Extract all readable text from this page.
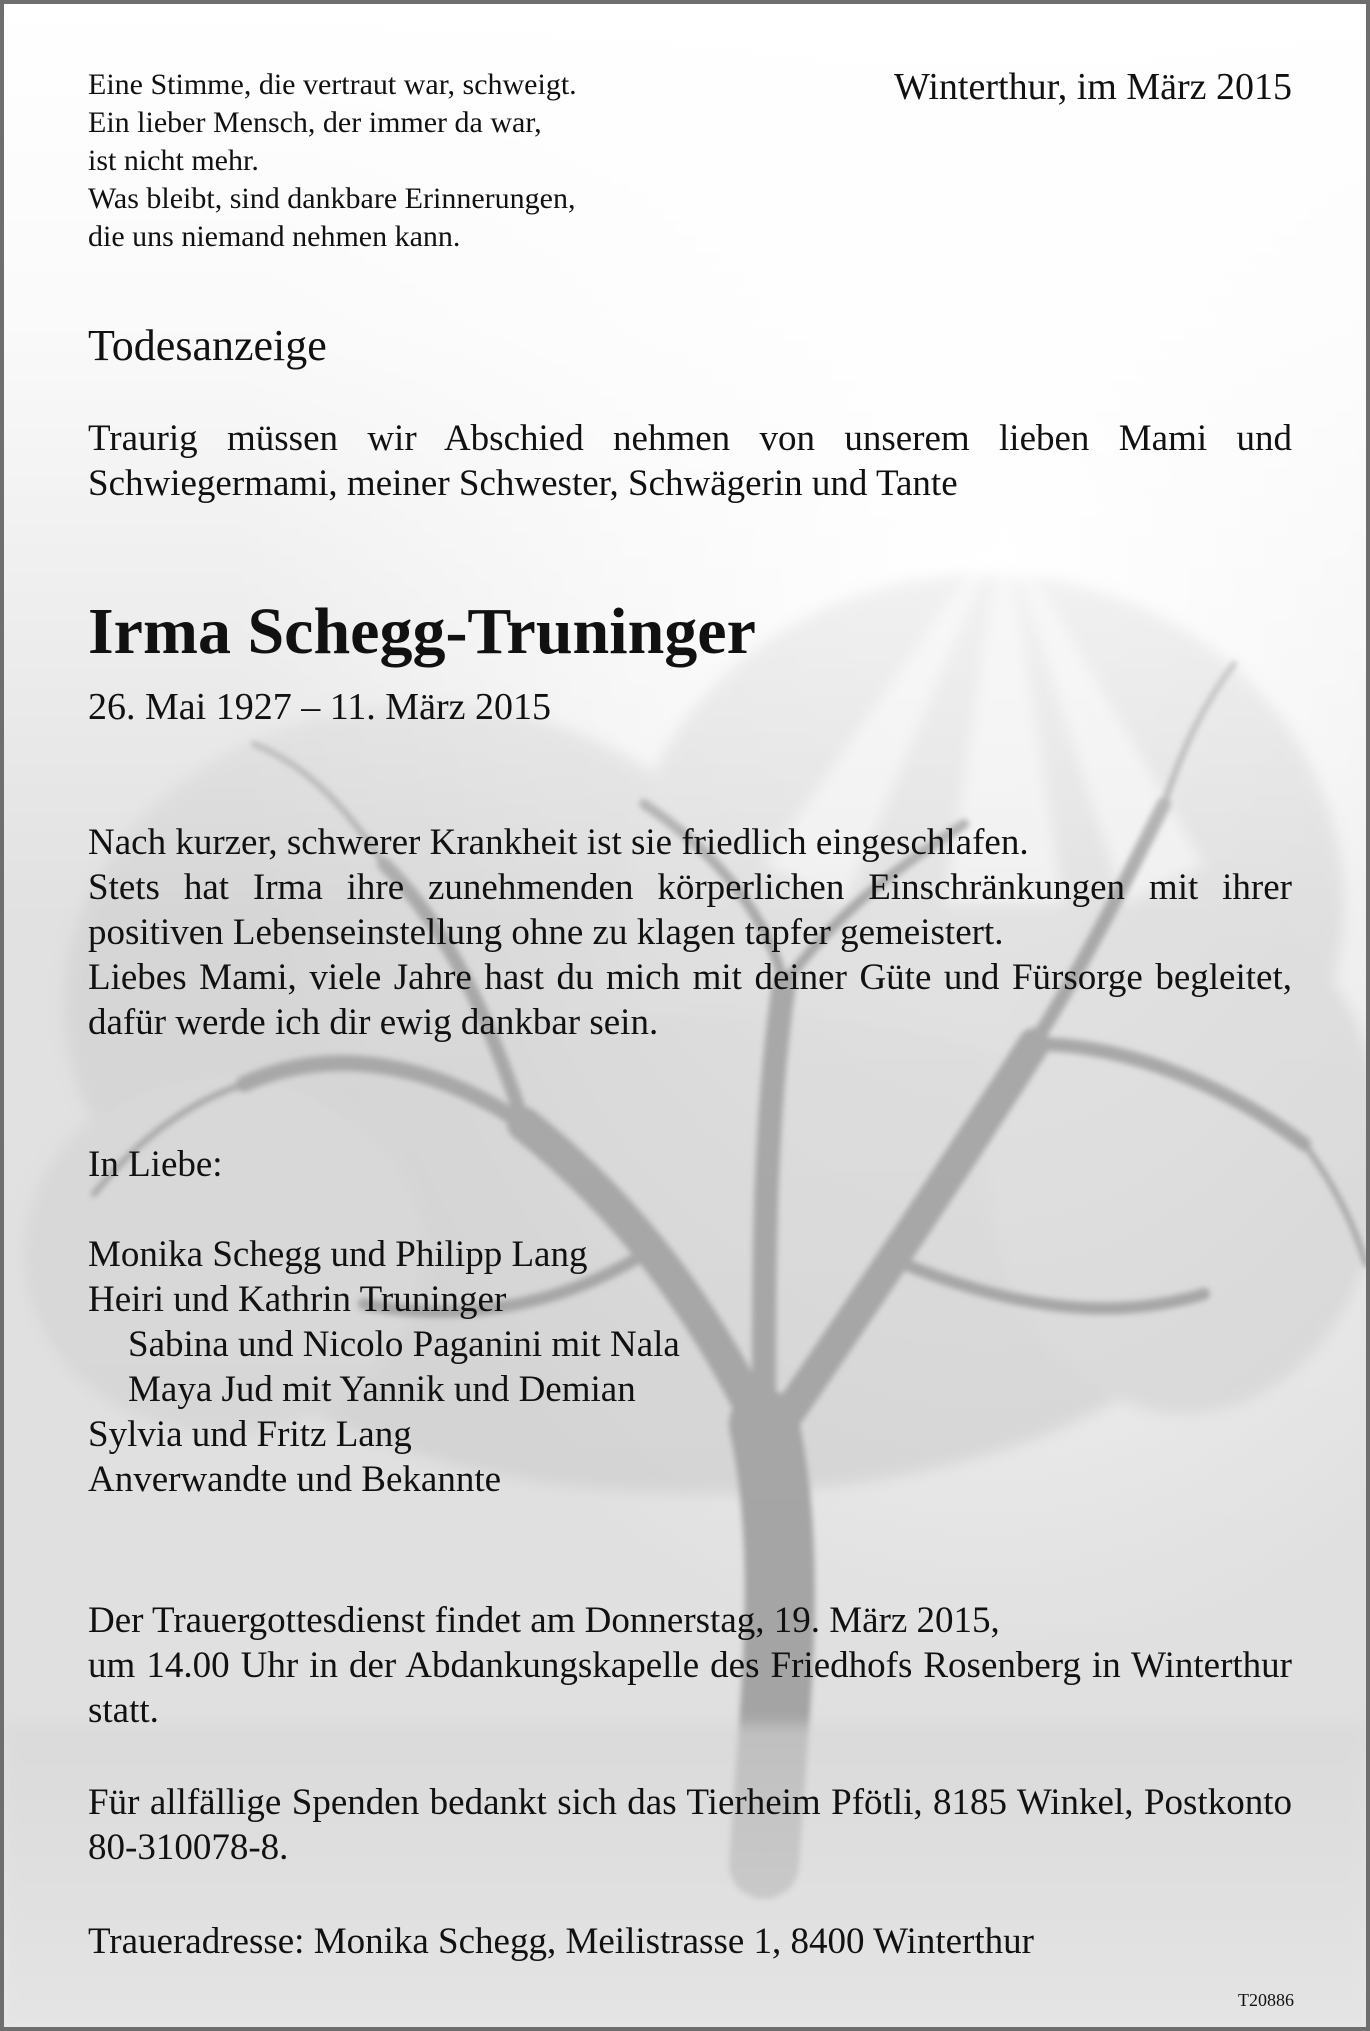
Eine Stimme, die vertraut war, schweigt.
Ein lieber Mensch, der immer da war,
ist nicht mehr.
Was bleibt, sind dankbare Erinnerungen,
die uns niemand nehmen kann.
Winterthur, im März 2015
Todesanzeige
Traurig müssen wir Abschied nehmen von unserem lieben Mami und Schwiegermami, meiner Schwester, Schwägerin und Tante
Irma Schegg-Truninger
26. Mai 1927 – 11. März 2015
Nach kurzer, schwerer Krankheit ist sie friedlich eingeschlafen.
Stets hat Irma ihre zunehmenden körperlichen Einschränkungen mit ihrer positiven Lebenseinstellung ohne zu klagen tapfer gemeistert.
Liebes Mami, viele Jahre hast du mich mit deiner Güte und Fürsorge begleitet, dafür werde ich dir ewig dankbar sein.
In Liebe:
Monika Schegg und Philipp Lang
Heiri und Kathrin Truninger
Sabina und Nicolo Paganini mit Nala
Maya Jud mit Yannik und Demian
Sylvia und Fritz Lang
Anverwandte und Bekannte
Der Trauergottesdienst findet am Donnerstag, 19. März 2015,
um 14.00 Uhr in der Abdankungskapelle des Friedhofs Rosenberg in Winterthur statt.
Für allfällige Spenden bedankt sich das Tierheim Pfötli, 8185 Winkel, Postkonto 80-310078-8.
Traueradresse: Monika Schegg, Meilistrasse 1, 8400 Winterthur
T20886
